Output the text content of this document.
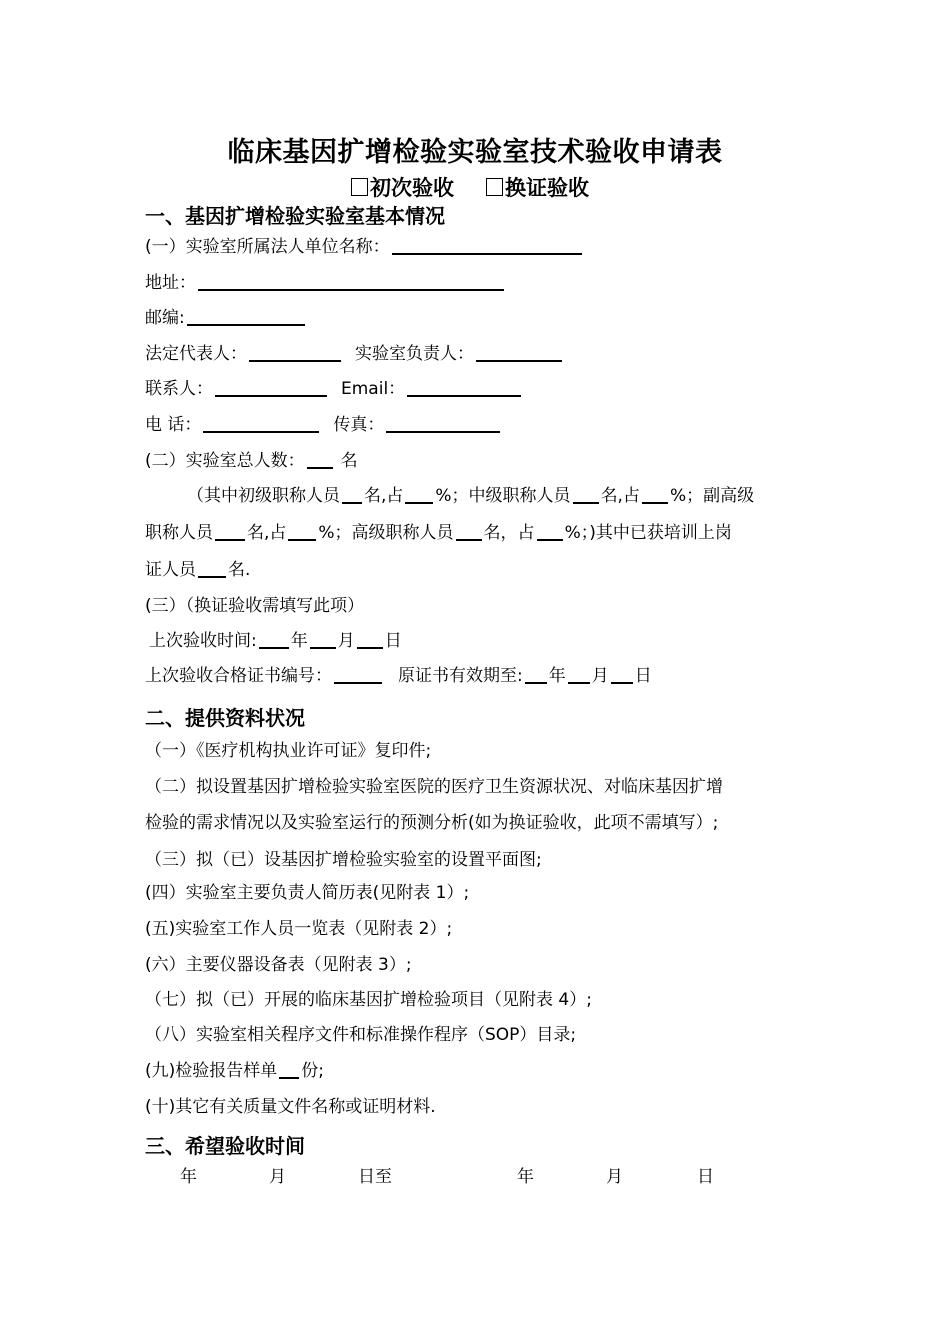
临床基因扩增检验实验室技术验收申请表
初次验收 换证验收
一、基因扩增检验实验室基本情况
(一）实验室所属法人单位名称：
地址：
邮编:
法定代表人：	实验室负责人：
联系人：	Email：
电 话：	传真：
(二）实验室总人数： 名
（其中初级职称人员 名,占 %；中级职称人员 名,占 %；副高级
职称人员 名,占 %；高级职称人员 名，占 %；)其中已获培训上岗
证人员 名.
(三）（换证验收需填写此项）
上次验收时间: 年 月 日
上次验收合格证书编号：	原证书有效期至: 年 月 日
二、提供资料状况
（一）《医疗机构执业许可证》复印件;
（二）拟设置基因扩增检验实验室医院的医疗卫生资源状况、对临床基因扩增
检验的需求情况以及实验室运行的预测分析(如为换证验收，此项不需填写）;
（三）拟（已）设基因扩增检验实验室的设置平面图;
(四）实验室主要负责人简历表(见附表 1）;
(五)实验室工作人员一览表（见附表 2）;
(六）主要仪器设备表（见附表 3）;
（七）拟（已）开展的临床基因扩增检验项目（见附表 4）;
（八）实验室相关程序文件和标准操作程序（SOP）目录;
(九)检验报告样单 份;
(十)其它有关质量文件名称或证明材料.
三、希望验收时间
年	月	日至	年	月	日
